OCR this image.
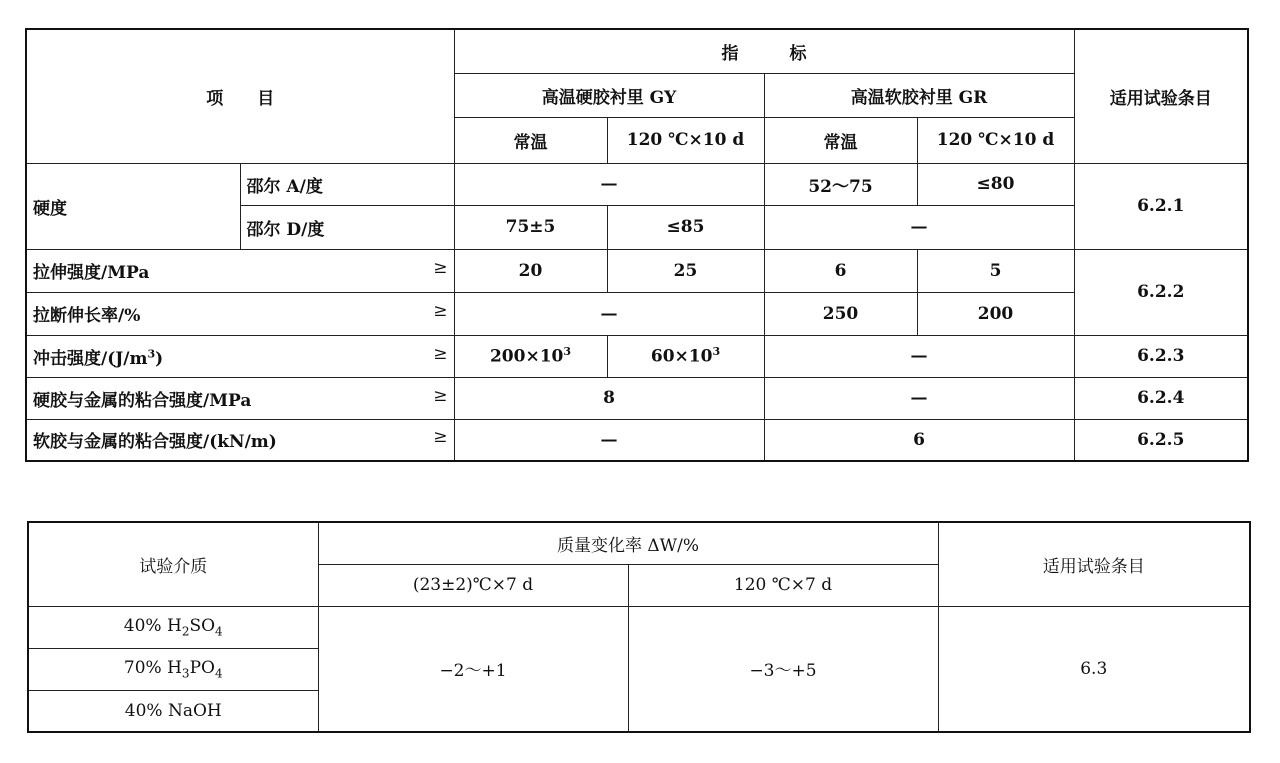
项　　目		指　　　标				适用试验条目
		高温硬胶衬里 GY		高温软胶衬里 GR		
		常温	120 ℃×10 d	常温	120 ℃×10 d	
硬度	邵尔 A/度	—		52～75	≤80	6.2.1
	邵尔 D/度	75±5	≤85	—		
拉伸强度/MPa ≥		20	25	6	5	6.2.2
拉断伸长率/% ≥		—		250	200	
冲击强度$/(J/m^3)$ ≥		$200\times 10^3$	$60\times 10^3$	—		6.2.3
硬胶与金属的粘合强度/MPa ≥		8		—		6.2.4
软胶与金属的粘合强度/(kN/m) ≥		—		6		6.2.5
试验介质	质量变化率 ΔW/%		适用试验条目
	(23±2)℃×7 d	120 ℃×7 d	
40% $H_2SO_4$	−2～+1	−3～+5	6.3
70% $H_3PO_4$
40% NaOH			
